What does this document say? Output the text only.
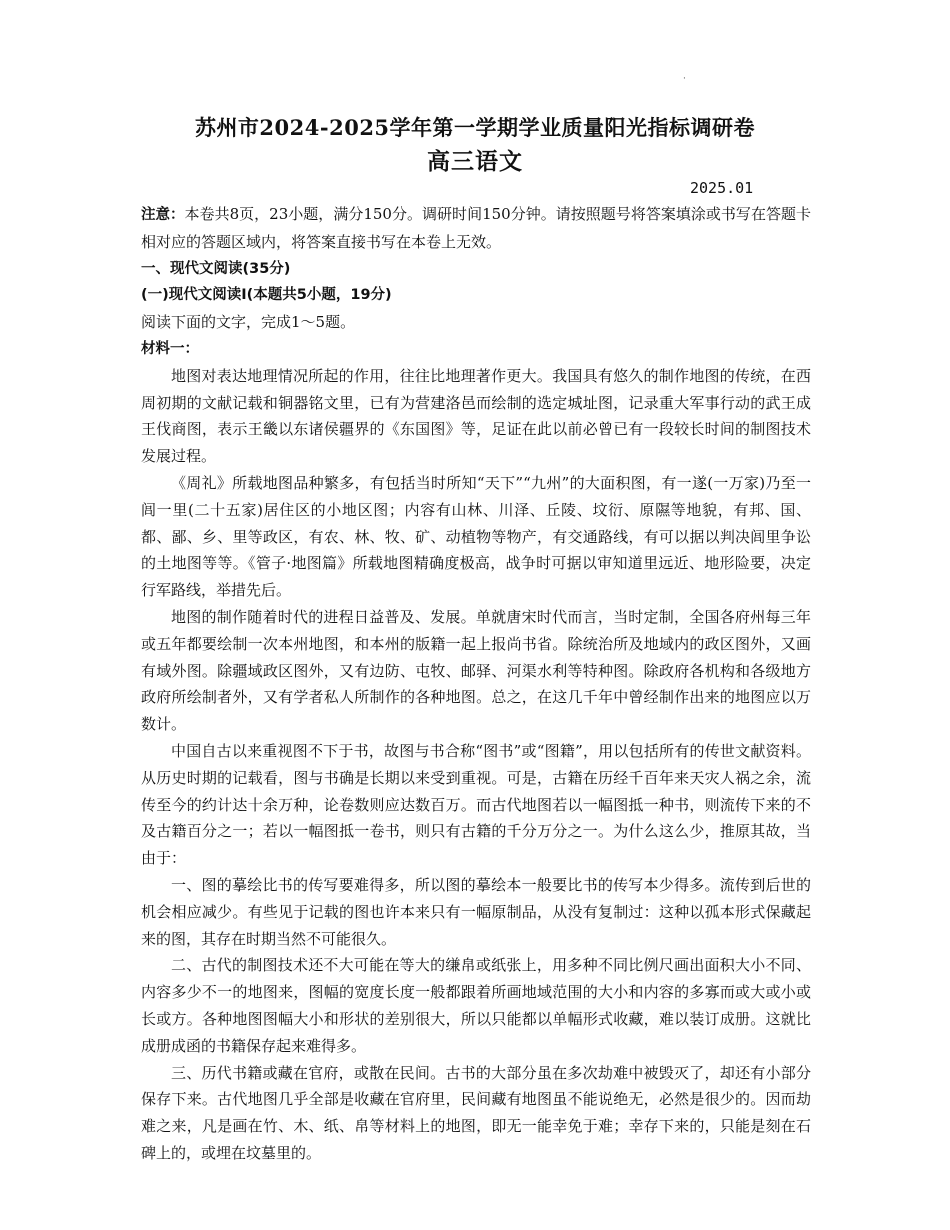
·
苏州市2024-2025学年第一学期学业质量阳光指标调研卷
高三语文
2025.01

注意：本卷共8页，23小题，满分150分。调研时间150分钟。请按照题号将答案填涂或书写在答题卡相对应的答题区域内，将答案直接书写在本卷上无效。

一、现代文阅读(35分)

(一)现代文阅读Ⅰ(本题共5小题，19分)

阅读下面的文字，完成1～5题。

材料一：

地图对表达地理情况所起的作用，往往比地理著作更大。我国具有悠久的制作地图的传统，在西周初期的文献记载和铜器铭文里，已有为营建洛邑而绘制的选定城址图，记录重大军事行动的武王成王伐商图，表示王畿以东诸侯疆界的《东国图》等，足证在此以前必曾已有一段较长时间的制图技术发展过程。

《周礼》所载地图品种繁多，有包括当时所知“天下”“九州”的大面积图，有一遂(一万家)乃至一闾一里(二十五家)居住区的小地区图；内容有山林、川泽、丘陵、坟衍、原隰等地貌，有邦、国、都、鄙、乡、里等政区，有农、林、牧、矿、动植物等物产，有交通路线，有可以据以判决闾里争讼的土地图等等。《管子·地图篇》所载地图精确度极高，战争时可据以审知道里远近、地形险要，决定行军路线，举措先后。

地图的制作随着时代的进程日益普及、发展。单就唐宋时代而言，当时定制，全国各府州每三年或五年都要绘制一次本州地图，和本州的版籍一起上报尚书省。除统治所及地域内的政区图外，又画有域外图。除疆域政区图外，又有边防、屯牧、邮驿、河渠水利等特种图。除政府各机构和各级地方政府所绘制者外，又有学者私人所制作的各种地图。总之，在这几千年中曾经制作出来的地图应以万数计。

中国自古以来重视图不下于书，故图与书合称“图书”或“图籍”，用以包括所有的传世文献资料。从历史时期的记载看，图与书确是长期以来受到重视。可是，古籍在历经千百年来天灾人祸之余，流传至今的约计达十余万种，论卷数则应达数百万。而古代地图若以一幅图抵一种书，则流传下来的不及古籍百分之一；若以一幅图抵一卷书，则只有古籍的千分万分之一。为什么这么少，推原其故，当由于：

一、图的摹绘比书的传写要难得多，所以图的摹绘本一般要比书的传写本少得多。流传到后世的机会相应减少。有些见于记载的图也许本来只有一幅原制品，从没有复制过：这种以孤本形式保藏起来的图，其存在时期当然不可能很久。

二、古代的制图技术还不大可能在等大的缣帛或纸张上，用多种不同比例尺画出面积大小不同、内容多少不一的地图来，图幅的宽度长度一般都跟着所画地域范围的大小和内容的多寡而或大或小或长或方。各种地图图幅大小和形状的差别很大，所以只能都以单幅形式收藏，难以装订成册。这就比成册成函的书籍保存起来难得多。

三、历代书籍或藏在官府，或散在民间。古书的大部分虽在多次劫难中被毁灭了，却还有小部分保存下来。古代地图几乎全部是收藏在官府里，民间藏有地图虽不能说绝无，必然是很少的。因而劫难之来，凡是画在竹、木、纸、帛等材料上的地图，即无一能幸免于难；幸存下来的，只能是刻在石碑上的，或埋在坟墓里的。
